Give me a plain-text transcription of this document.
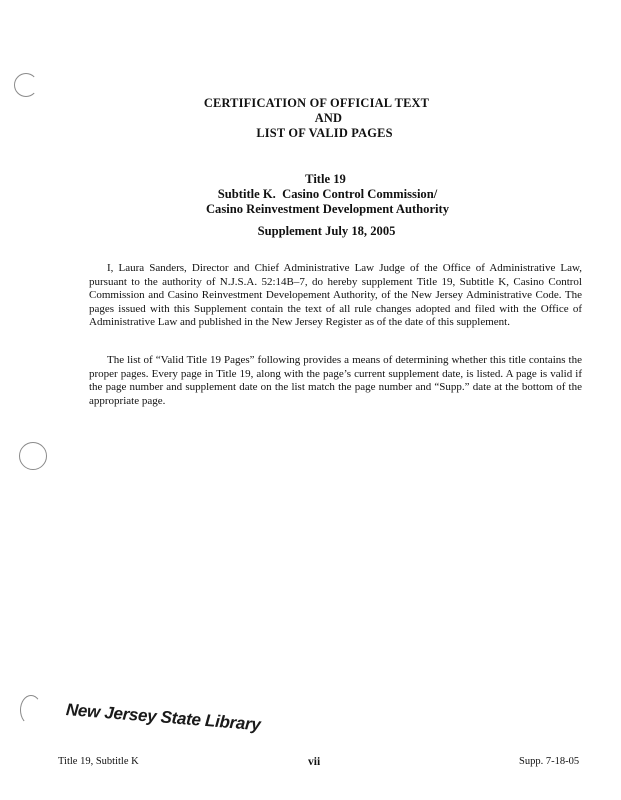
CERTIFICATION OF OFFICIAL TEXT
AND
LIST OF VALID PAGES
Title 19
Subtitle K.  Casino Control Commission/
Casino Reinvestment Development Authority
Supplement July 18, 2005

I, Laura Sanders, Director and Chief Administrative Law Judge of the Office of Administrative Law, pursuant to the authority of N.J.S.A. 52:14B–7, do hereby supplement Title 19, Subtitle K, Casino Control Commission and Casino Reinvestment Developement Authority, of the New Jersey Administrative Code. The pages issued with this Supplement contain the text of all rule changes adopted and filed with the Office of Administrative Law and published in the New Jersey Register as of the date of this supplement.

The list of “Valid Title 19 Pages” following provides a means of determining whether this title contains the proper pages. Every page in Title 19, along with the page’s current supplement date, is listed. A page is valid if the page number and supplement date on the list match the page number and “Supp.” date at the bottom of the appropriate page.

New Jersey State Library
Title 19, Subtitle K	vii	Supp. 7-18-05
